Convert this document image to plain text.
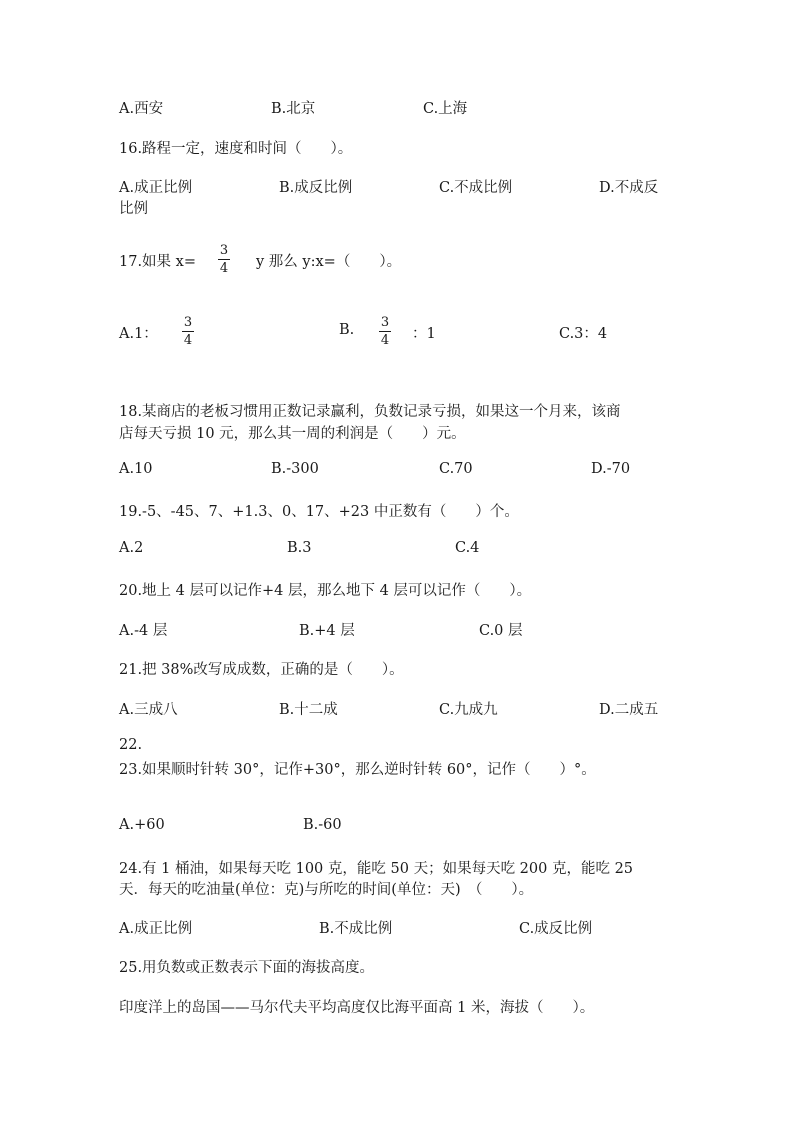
A.西安	B.北京	C.上海
16.路程一定，速度和时间（　　）。
A.成正比例	B.成反比例	C.不成比例	D.不成反
比例
17.如果 x=
3
4 y 那么 y:x=（　　）。
A.1：
3
4
B. 3
4 ：1	C.3：4
18.某商店的老板习惯用正数记录赢利，负数记录亏损，如果这一个月来，该商
店每天亏损 10 元，那么其一周的利润是（　　）元。
A.10	B.-300	C.70	D.-70
19.-5、-45、7、+1.3、0、17、+23 中正数有（　　）个。
A.2	B.3	C.4
20.地上 4 层可以记作+4 层，那么地下 4 层可以记作（　　）。
A.-4 层	B.+4 层	C.0 层
21.把 38%改写成成数，正确的是（　　）。
A.三成八	B.十二成	C.九成九	D.二成五
22.
23.如果顺时针转 30°，记作+30°，那么逆时针转 60°，记作（　　）°。
A.+60	B.-60
24.有 1 桶油，如果每天吃 100 克，能吃 50 天；如果每天吃 200 克，能吃 25
天．每天的吃油量(单位：克)与所吃的时间(单位：天)　（　　）。
A.成正比例	B.不成比例	C.成反比例
25.用负数或正数表示下面的海拔高度。
印度洋上的岛国——马尔代夫平均高度仅比海平面高 1 米，海拔（　　）。
